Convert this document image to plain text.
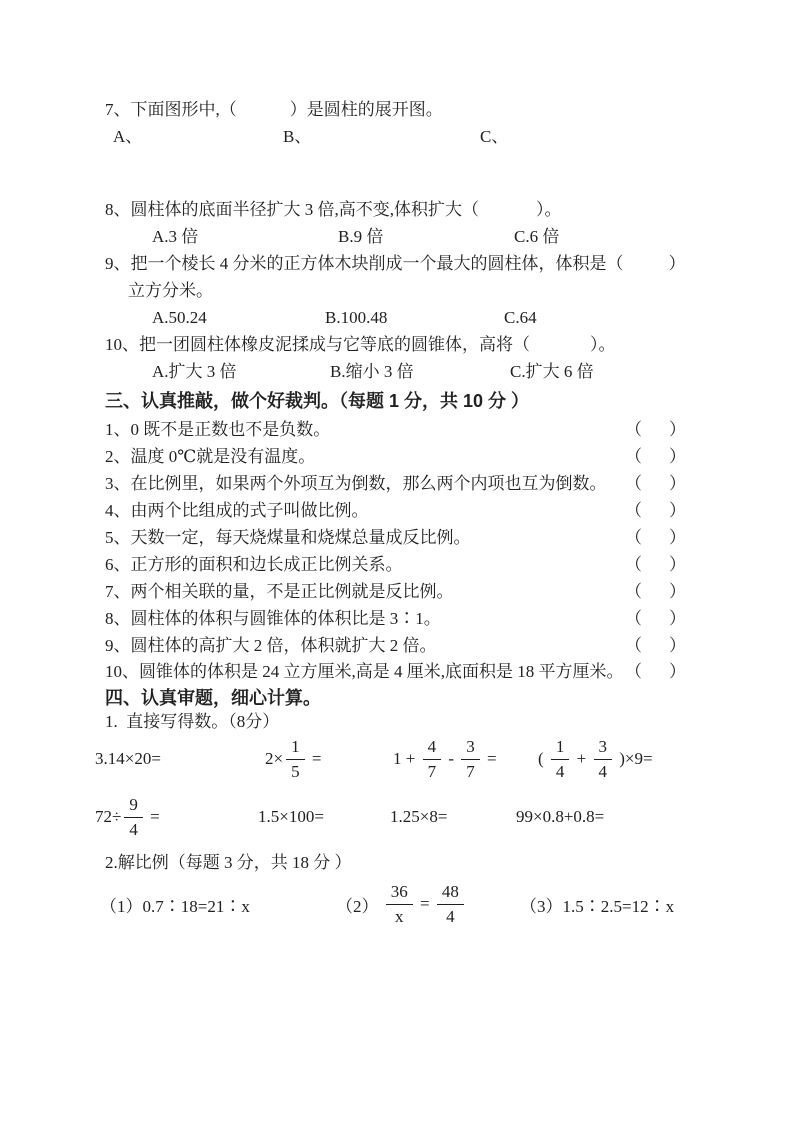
7、下面图形中,（	）是圆柱的展开图。
A、	B、	C、
8、圆柱体的底面半径扩大 3 倍,高不变,体积扩大（	）。
A.3 倍	B.9 倍	C.6 倍
9、把一个棱长 4 分米的正方体木块削成一个最大的圆柱体，体积是（	）
立方分米。
A.50.24	B.100.48	C.64
10、把一团圆柱体橡皮泥揉成与它等底的圆锥体，高将（	）。
A.扩大 3 倍	B.缩小 3 倍	C.扩大 6 倍
三、认真推敲，做个好裁判。（每题 1 分，共 10 分 ）
1、0 既不是正数也不是负数。	（ ）
2、温度 0℃就是没有温度。	（ ）
3、在比例里，如果两个外项互为倒数，那么两个内项也互为倒数。 （ ）
4、由两个比组成的式子叫做比例。	（ ）
5、天数一定，每天烧煤量和烧煤总量成反比例。	（ ）
6、正方形的面积和边长成正比例关系。	（ ）
7、两个相关联的量，不是正比例就是反比例。	（ ）
8、圆柱体的体积与圆锥体的体积比是 3∶1。	（ ）
9、圆柱体的高扩大 2 倍，体积就扩大 2 倍。	（ ）
10、圆锥体的体积是 24 立方厘米,高是 4 厘米,底面积是 18 平方厘米。 （ ）
四、认真审题，细心计算。
1.  直接写得数。（8分）
3.14×20=	$2\times \frac{1}{5}$ =	$1 + \frac{4}{7} - \frac{3}{7}$ = ( $\frac{1}{4} + \frac{3}{4} )\times 9=$
$72\div \frac{9}{4}$ =	1.5×100=	1.25×8=	99×0.8+0.8=
2.解比例（每题 3 分，共 18 分 ）
（1）0.7∶18=21∶x	$(2) \frac{36}{x} = \frac{48}{4}$	（3）1.5∶2.5=12∶x
